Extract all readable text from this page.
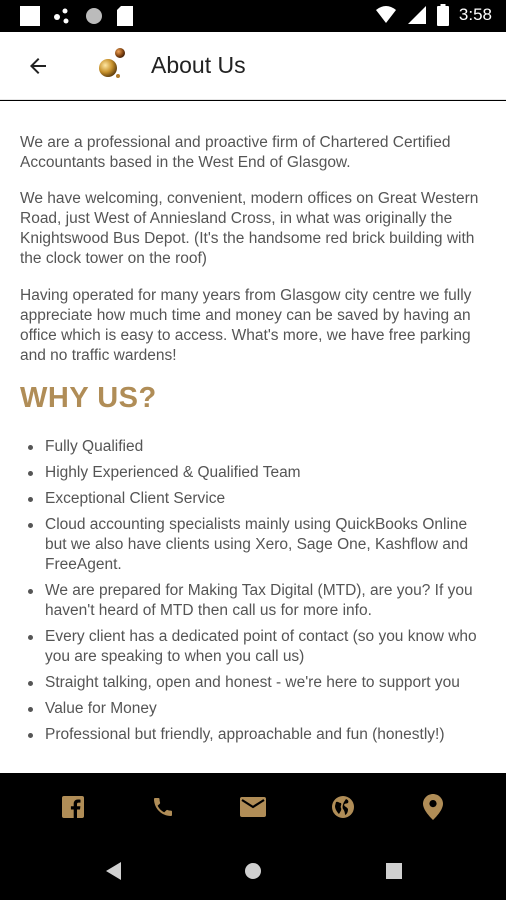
3:58
About Us

We are a professional and proactive firm of Chartered Certified Accountants based in the West End of Glasgow.

We have welcoming, convenient, modern offices on Great Western Road, just West of Anniesland Cross, in what was originally the Knightswood Bus Depot. (It's the handsome red brick building with the clock tower on the roof)

Having operated for many years from Glasgow city centre we fully appreciate how much time and money can be saved by having an office which is easy to access. What's more, we have free parking and no traffic wardens!

WHY US?
Fully Qualified
Highly Experienced & Qualified Team
Exceptional Client Service
Cloud accounting specialists mainly using QuickBooks Online but we also have clients using Xero, Sage One, Kashflow and FreeAgent.
We are prepared for Making Tax Digital (MTD), are you? If you haven't heard of MTD then call us for more info.
Every client has a dedicated point of contact (so you know who you are speaking to when you call us)
Straight talking, open and honest - we're here to support you
Value for Money
Professional but friendly, approachable and fun (honestly!)
